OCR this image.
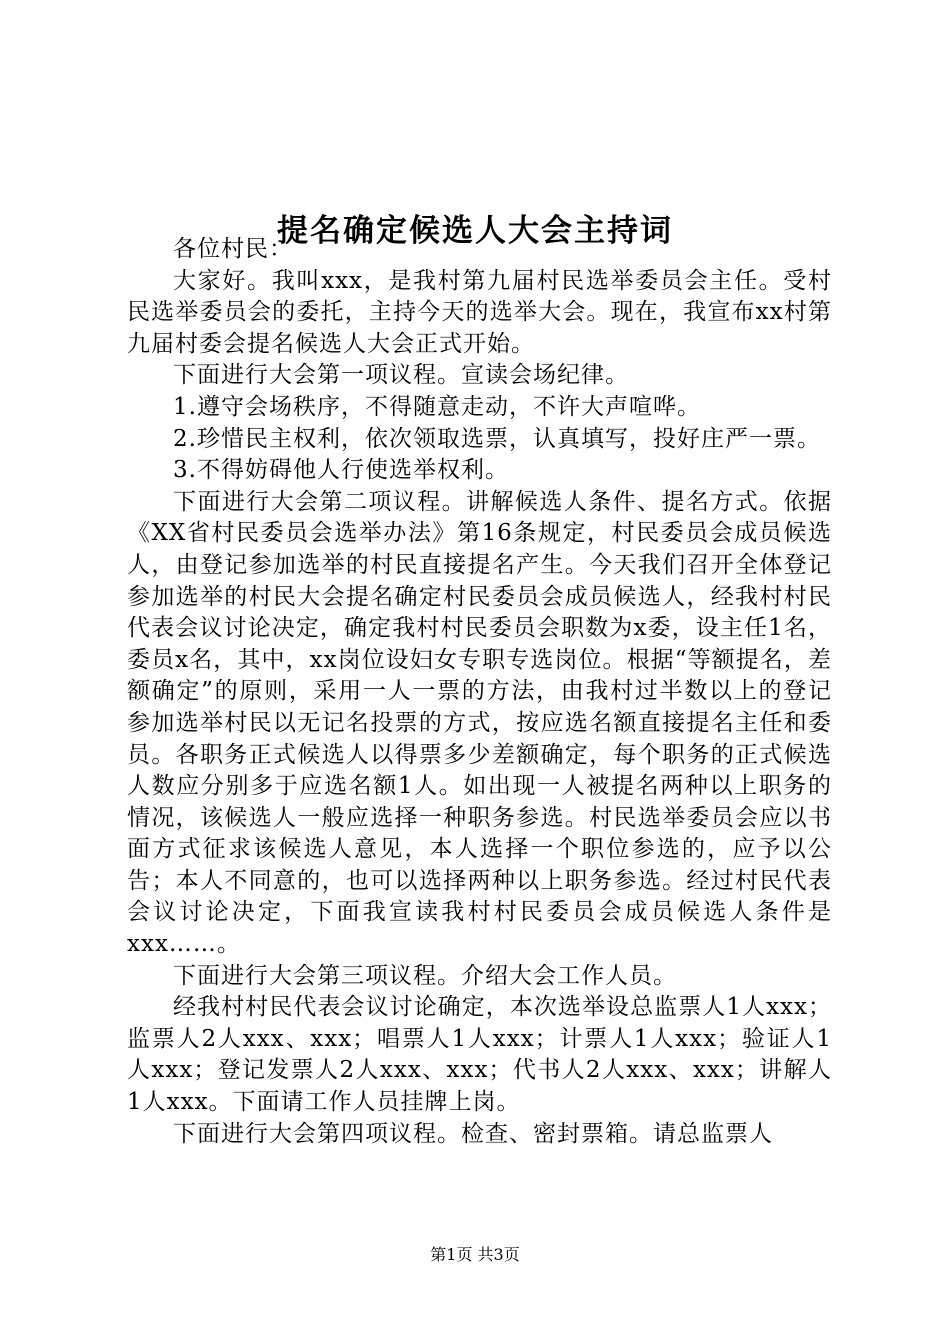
提名确定候选人大会主持词

各位村民：

大家好。我叫xxx，是我村第九届村民选举委员会主任。受村民选举委员会的委托，主持今天的选举大会。现在，我宣布xx村第九届村委会提名候选人大会正式开始。

下面进行大会第一项议程。宣读会场纪律。

1.遵守会场秩序，不得随意走动，不许大声喧哗。

2.珍惜民主权利，依次领取选票，认真填写，投好庄严一票。

3.不得妨碍他人行使选举权利。

下面进行大会第二项议程。讲解候选人条件、提名方式。依据《XX省村民委员会选举办法》第16条规定，村民委员会成员候选人，由登记参加选举的村民直接提名产生。今天我们召开全体登记参加选举的村民大会提名确定村民委员会成员候选人，经我村村民代表会议讨论决定，确定我村村民委员会职数为x委，设主任1名，委员x名，其中，xx岗位设妇女专职专选岗位。根据“等额提名，差额确定”的原则，采用一人一票的方法，由我村过半数以上的登记参加选举村民以无记名投票的方式，按应选名额直接提名主任和委员。各职务正式候选人以得票多少差额确定，每个职务的正式候选人数应分别多于应选名额1人。如出现一人被提名两种以上职务的情况，该候选人一般应选择一种职务参选。村民选举委员会应以书面方式征求该候选人意见，本人选择一个职位参选的，应予以公告；本人不同意的，也可以选择两种以上职务参选。经过村民代表会议讨论决定，下面我宣读我村村民委员会成员候选人条件是xxx……。

下面进行大会第三项议程。介绍大会工作人员。

经我村村民代表会议讨论确定，本次选举设总监票人1人xxx；监票人2人xxx、xxx；唱票人1人xxx；计票人1人xxx；验证人1人xxx；登记发票人2人xxx、xxx；代书人2人xxx、xxx；讲解人1人xxx。下面请工作人员挂牌上岗。

下面进行大会第四项议程。检查、密封票箱。请总监票人

第1页 共3页
